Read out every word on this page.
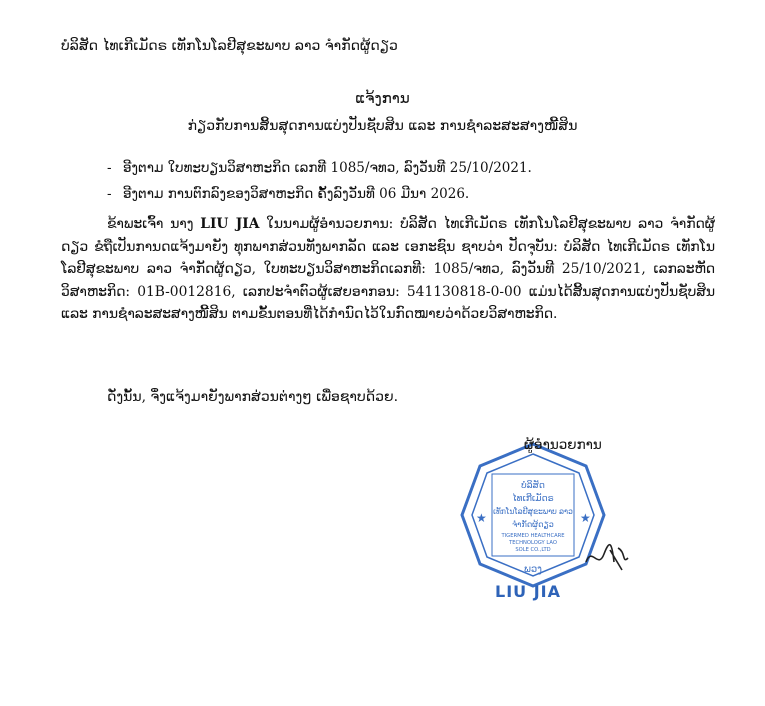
ບໍລິສັດ ໄທເກີເມັດຣ ເທັກໂນໂລຢີສຸຂະພາບ ລາວ ຈຳກັດຜູ້ດຽວ
ແຈ້ງການ
ກ່ຽວກັບການສິ້ນສຸດການແບ່ງປັນຊັບສິນ ແລະ ການຊໍາລະສະສາງໜີ້ສິນ
- ອີງຕາມ ໃບທະບຽນວິສາຫະກິດ ເລກທີ 1085/ຈທວ, ລົງວັນທີ 25/10/2021.
- ອີງຕາມ ການຕົກລົງຂອງວິສາຫະກິດ ຄັ້ງລົງວັນທີ 06 ມີນາ 2026.

ຂ້າພະເຈົ້າ ນາງ LIU JIA ໃນນາມຜູ້ອໍານວຍການ: ບໍລິສັດ ໄທເກີເມັດຣ ເທັກໂນໂລຢີສຸຂະພາບ ລາວ ຈຳກັດຜູ້ດຽວ ຂໍຖືເປັນການດແຈ້ງມາຍັງ ທຸກພາກສ່ວນທັງພາກລັດ ແລະ ເອກະຊົນ ຊາບວ່າ ປັດຈຸບັນ: ບໍລິສັດ ໄທເກີເມັດຣ ເທັກໂນໂລຢີສຸຂະພາບ ລາວ ຈຳກັດຜູ້ດຽວ, ໃບທະບຽນວິສາຫະກິດເລກທີ: 1085/ຈທວ, ລົງວັນທີ 25/10/2021, ເລກລະຫັດວິສາຫະກິດ: 01B-0012816, ເລກປະຈໍາຕົວຜູ້ເສຍອາກອນ: 541130818-0-00 ແມ່ນໄດ້ສິ້ນສຸດການແບ່ງປັນຊັບສິນ ແລະ ການຊໍາລະສະສາງໜີ້ສິນ ຕາມຂັ້ນຕອນທີ່ໄດ້ກໍານົດໄວ້ໃນກົດໝາຍວ່າດ້ວຍວິສາຫະກິດ.

ດັ່ງນັ້ນ, ຈຶ່ງແຈ້ງມາຍັງພາກສ່ວນຕ່າງໆ ເພື່ອຊາບດ້ວຍ.
★	★
ບໍລິສັດ
ໄທເກີເມັດຣ
ເທັກໂນໂລຢີສຸຂະພາບ ລາວ
ຈຳກັດຜູ້ດຽວ
TIGERMED HEALTHCARE
TECHNOLOGY LAO
SOLE CO.,LTD
ພວງ
ຜູ້ອຳນວຍການ
LIU JIA
